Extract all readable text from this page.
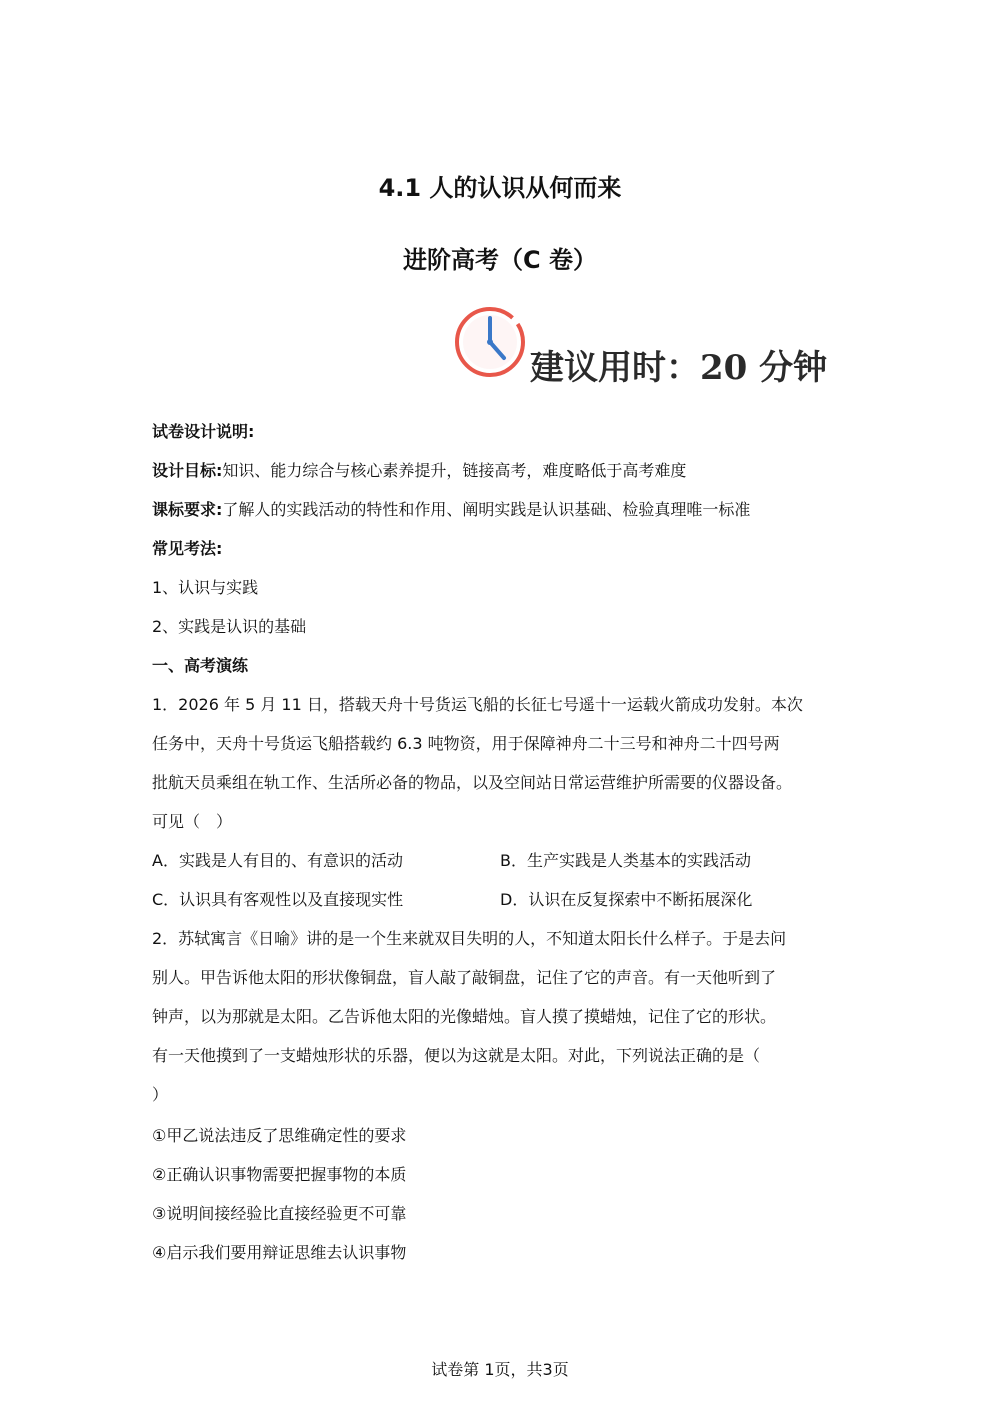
4.1 人的认识从何而来
进阶高考（C 卷）
建议用时：20 分钟
试卷设计说明:
设计目标:知识、能力综合与核心素养提升，链接高考，难度略低于高考难度
课标要求:了解人的实践活动的特性和作用、阐明实践是认识基础、检验真理唯一标准
常见考法:
1、认识与实践
2、实践是认识的基础
一、高考演练
1．2026 年 5 月 11 日，搭载天舟十号货运飞船的长征七号遥十一运载火箭成功发射。本次
任务中，天舟十号货运飞船搭载约 6.3 吨物资，用于保障神舟二十三号和神舟二十四号两
批航天员乘组在轨工作、生活所必备的物品，以及空间站日常运营维护所需要的仪器设备。
可见（　）
A．实践是人有目的、有意识的活动	B．生产实践是人类基本的实践活动
C．认识具有客观性以及直接现实性	D．认识在反复探索中不断拓展深化
2．苏轼寓言《日喻》讲的是一个生来就双目失明的人，不知道太阳长什么样子。于是去问
别人。甲告诉他太阳的形状像铜盘，盲人敲了敲铜盘，记住了它的声音。有一天他听到了
钟声，以为那就是太阳。乙告诉他太阳的光像蜡烛。盲人摸了摸蜡烛，记住了它的形状。
有一天他摸到了一支蜡烛形状的乐器，便以为这就是太阳。对此，下列说法正确的是（
）
①甲乙说法违反了思维确定性的要求
②正确认识事物需要把握事物的本质
③说明间接经验比直接经验更不可靠
④启示我们要用辩证思维去认识事物
试卷第 1页，共3页
